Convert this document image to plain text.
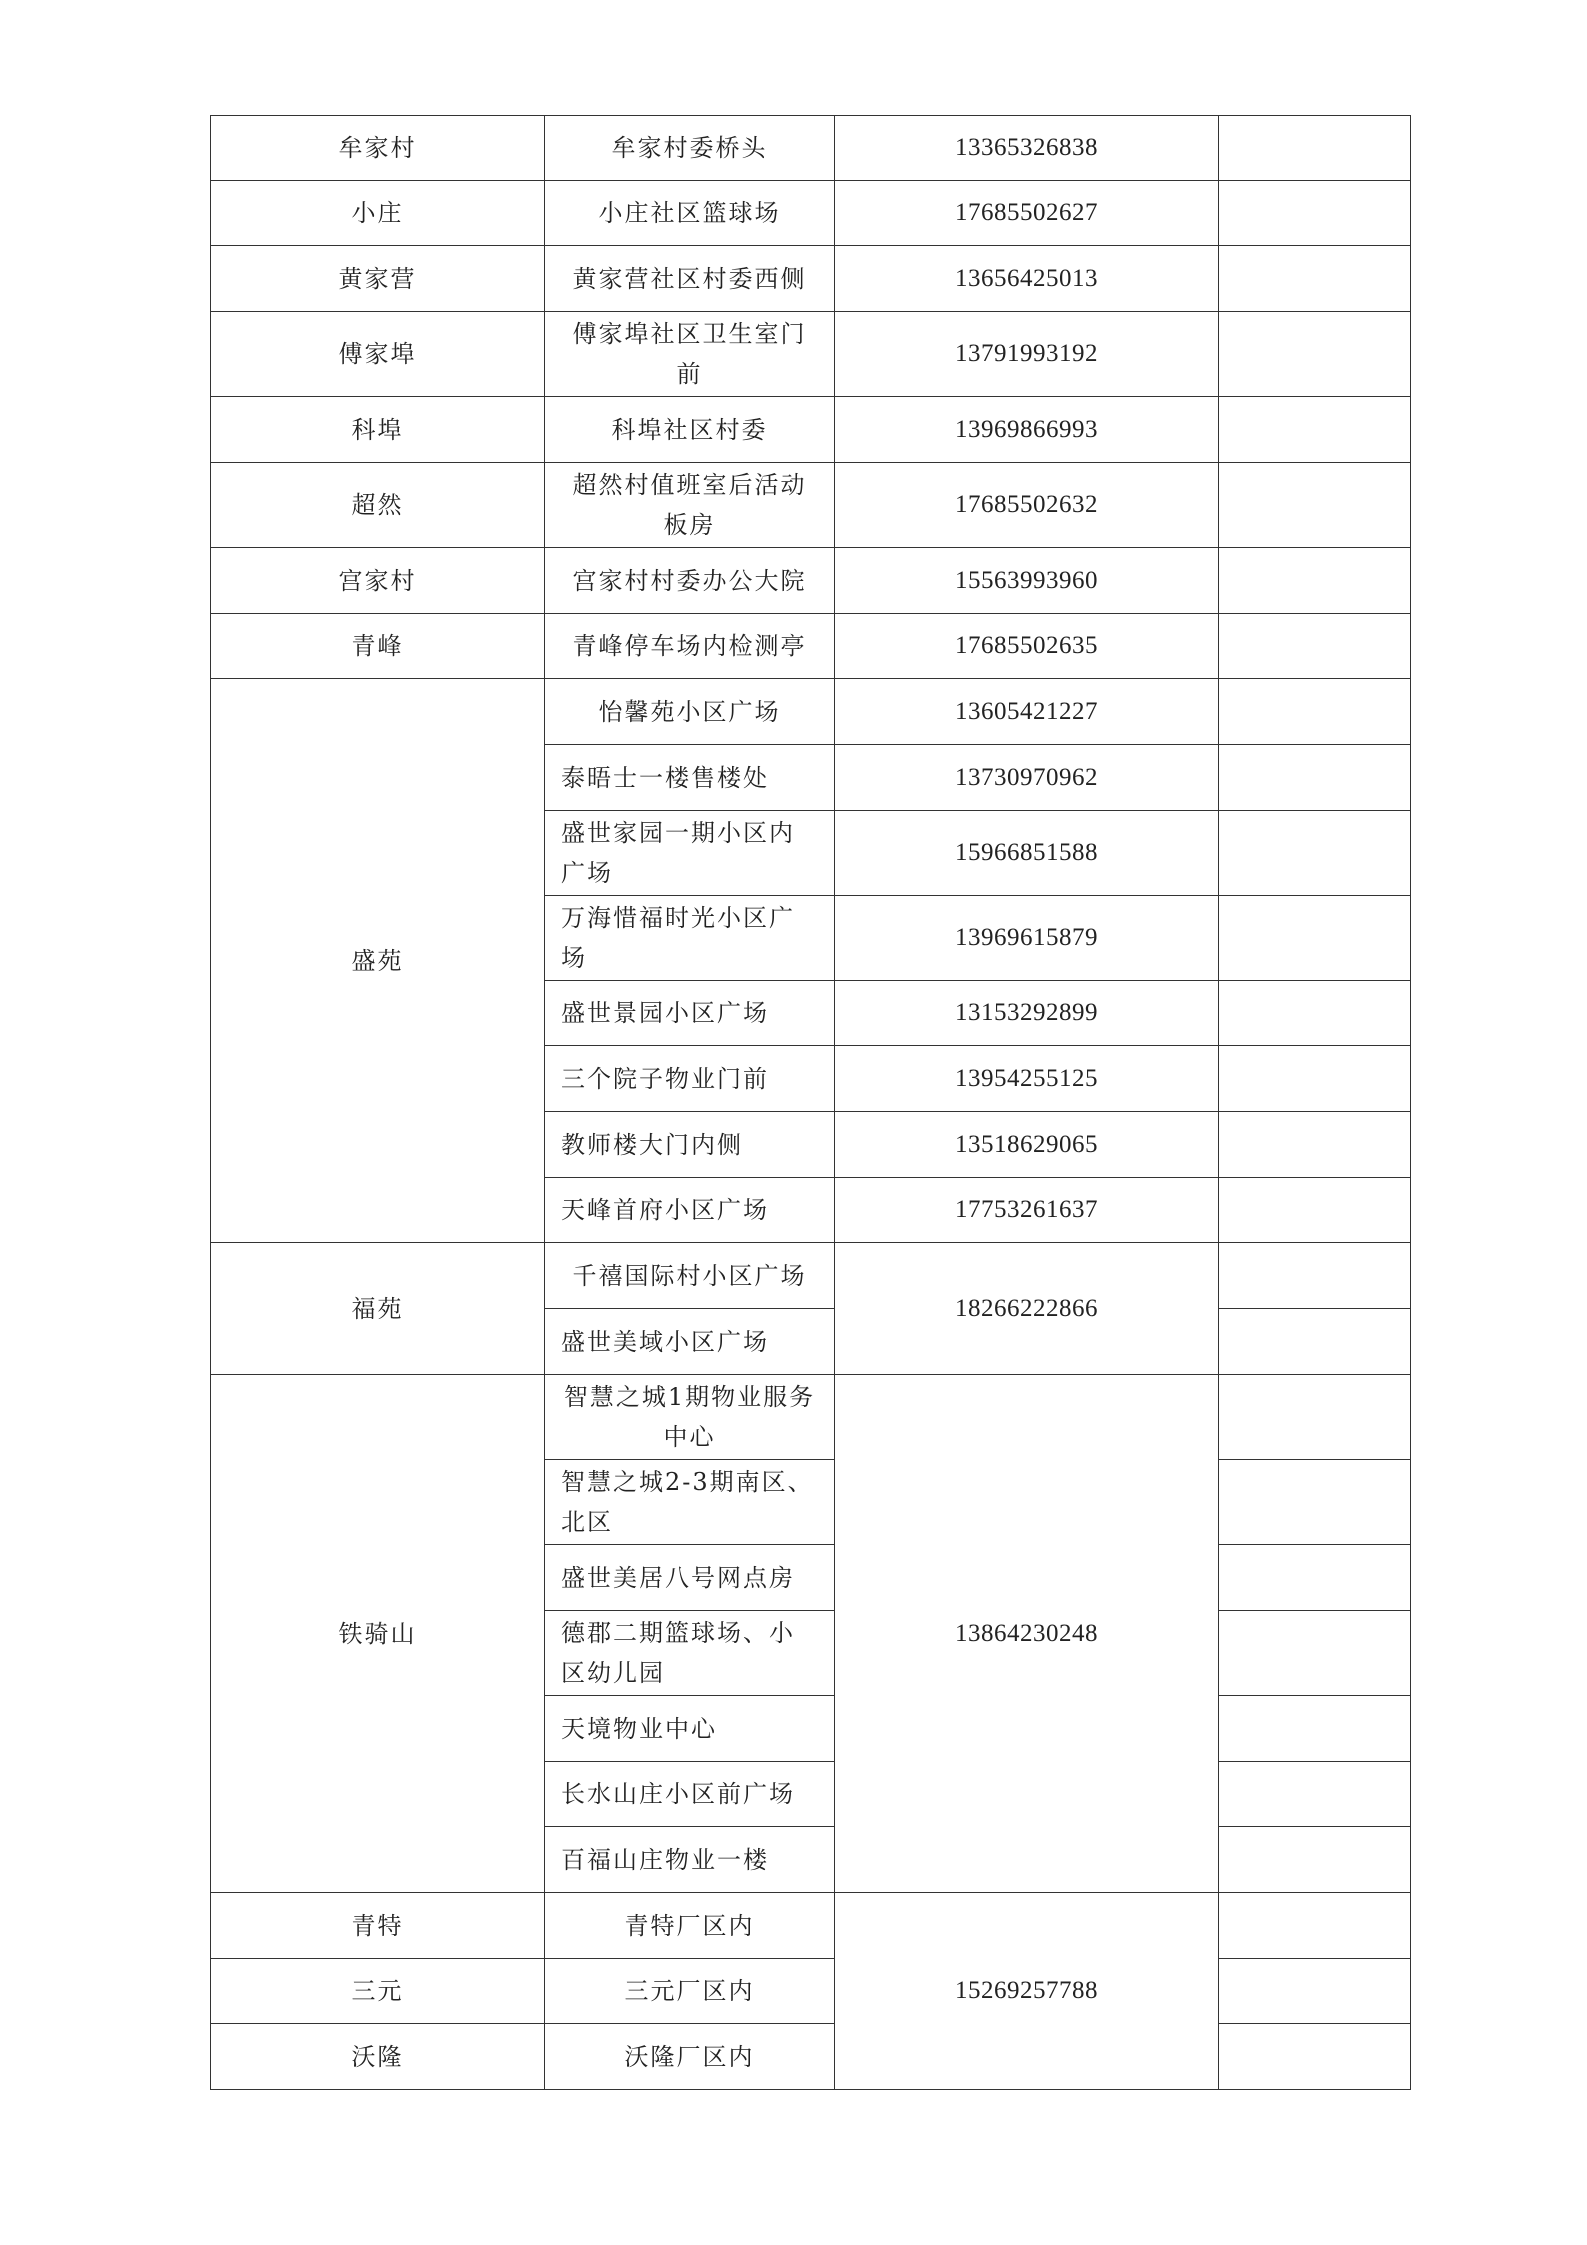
牟家村	牟家村委桥头	13365326838	
小庄	小庄社区篮球场	17685502627	
黄家营	黄家营社区村委西侧	13656425013	
傅家埠	傅家埠社区卫生室门前	13791993192	
科埠	科埠社区村委	13969866993	
超然	超然村值班室后活动板房	17685502632	
宫家村	宫家村村委办公大院	15563993960	
青峰	青峰停车场内检测亭	17685502635	
盛苑	怡馨苑小区广场	13605421227	
	泰晤士一楼售楼处	13730970962	
	盛世家园一期小区内广场	15966851588	
	万海惜福时光小区广场	13969615879	
	盛世景园小区广场	13153292899	
	三个院子物业门前	13954255125	
	教师楼大门内侧	13518629065	
	天峰首府小区广场	17753261637	
福苑	千禧国际村小区广场	18266222866	
	盛世美域小区广场		
铁骑山	智慧之城1期物业服务中心	13864230248	
	智慧之城2-3期南区、北区		
	盛世美居八号网点房		
	德郡二期篮球场、小区幼儿园		
	天境物业中心		
	长水山庄小区前广场		
	百福山庄物业一楼		
青特	青特厂区内	15269257788	
三元	三元厂区内		
沃隆	沃隆厂区内		
